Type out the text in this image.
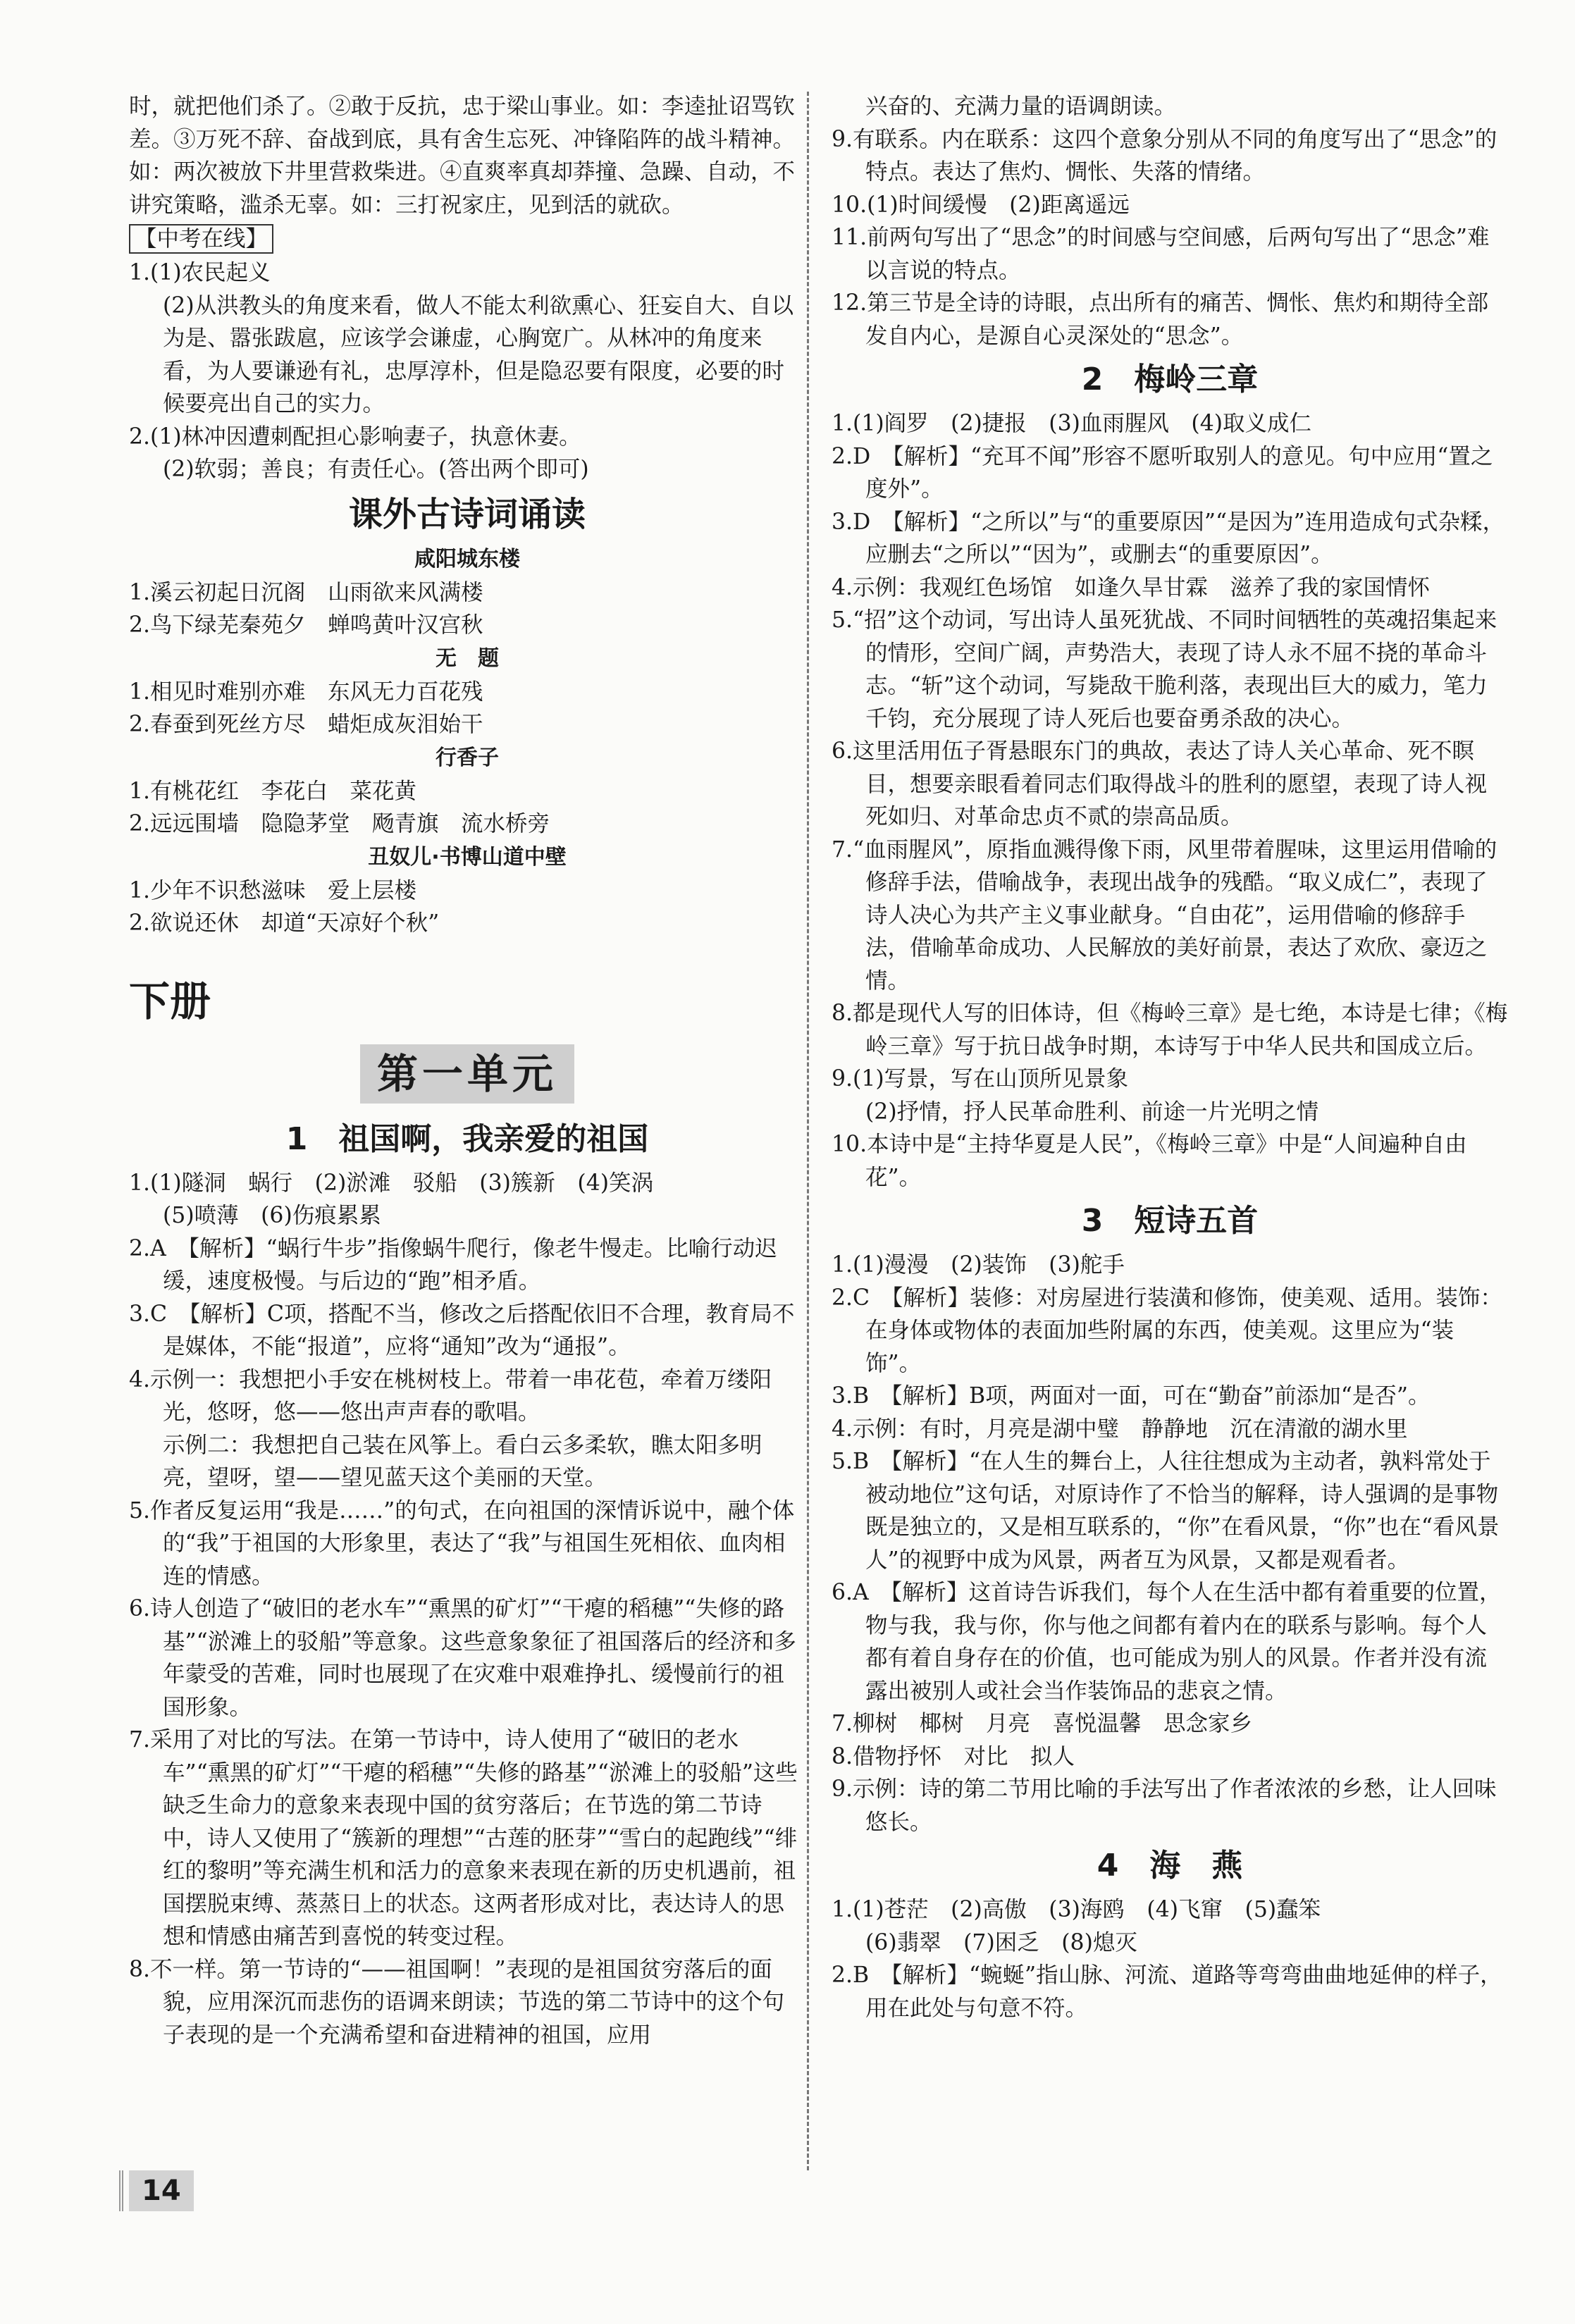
时，就把他们杀了。②敢于反抗，忠于梁山事业。如：李逵扯诏骂钦差。③万死不辞、奋战到底，具有舍生忘死、冲锋陷阵的战斗精神。如：两次被放下井里营救柴进。④直爽率真却莽撞、急躁、自动，不讲究策略，滥杀无辜。如：三打祝家庄，见到活的就砍。

【中考在线】

1.(1)农民起义

(2)从洪教头的角度来看，做人不能太利欲熏心、狂妄自大、自以为是、嚣张跋扈，应该学会谦虚，心胸宽广。从林冲的角度来看，为人要谦逊有礼，忠厚淳朴，但是隐忍要有限度，必要的时候要亮出自己的实力。

2.(1)林冲因遭刺配担心影响妻子，执意休妻。

(2)软弱；善良；有责任心。(答出两个即可)

课外古诗词诵读
咸阳城东楼

1.溪云初起日沉阁　山雨欲来风满楼

2.鸟下绿芜秦苑夕　蝉鸣黄叶汉宫秋

无　题

1.相见时难别亦难　东风无力百花残

2.春蚕到死丝方尽　蜡炬成灰泪始干

行香子

1.有桃花红　李花白　菜花黄

2.远远围墙　隐隐茅堂　飏青旗　流水桥旁

丑奴儿·书博山道中壁

1.少年不识愁滋味　爱上层楼

2.欲说还休　却道“天凉好个秋”

下册
第一单元
1　祖国啊，我亲爱的祖国

1.(1)隧洞　蜗行　(2)淤滩　驳船　(3)簇新　(4)笑涡

(5)喷薄　(6)伤痕累累

2.A　【解析】“蜗行牛步”指像蜗牛爬行，像老牛慢走。比喻行动迟缓，速度极慢。与后边的“跑”相矛盾。

3.C　【解析】C项，搭配不当，修改之后搭配依旧不合理，教育局不是媒体，不能“报道”，应将“通知”改为“通报”。

4.示例一：我想把小手安在桃树枝上。带着一串花苞，牵着万缕阳光，悠呀，悠——悠出声声春的歌唱。

示例二：我想把自己装在风筝上。看白云多柔软，瞧太阳多明亮，望呀，望——望见蓝天这个美丽的天堂。

5.作者反复运用“我是……”的句式，在向祖国的深情诉说中，融个体的“我”于祖国的大形象里，表达了“我”与祖国生死相依、血肉相连的情感。

6.诗人创造了“破旧的老水车”“熏黑的矿灯”“干瘪的稻穗”“失修的路基”“淤滩上的驳船”等意象。这些意象象征了祖国落后的经济和多年蒙受的苦难，同时也展现了在灾难中艰难挣扎、缓慢前行的祖国形象。

7.采用了对比的写法。在第一节诗中，诗人使用了“破旧的老水车”“熏黑的矿灯”“干瘪的稻穗”“失修的路基”“淤滩上的驳船”这些缺乏生命力的意象来表现中国的贫穷落后；在节选的第二节诗中，诗人又使用了“簇新的理想”“古莲的胚芽”“雪白的起跑线”“绯红的黎明”等充满生机和活力的意象来表现在新的历史机遇前，祖国摆脱束缚、蒸蒸日上的状态。这两者形成对比，表达诗人的思想和情感由痛苦到喜悦的转变过程。

8.不一样。第一节诗的“——祖国啊！”表现的是祖国贫穷落后的面貌，应用深沉而悲伤的语调来朗读；节选的第二节诗中的这个句子表现的是一个充满希望和奋进精神的祖国，应用

兴奋的、充满力量的语调朗读。

9.有联系。内在联系：这四个意象分别从不同的角度写出了“思念”的特点。表达了焦灼、惆怅、失落的情绪。

10.(1)时间缓慢　(2)距离遥远

11.前两句写出了“思念”的时间感与空间感，后两句写出了“思念”难以言说的特点。

12.第三节是全诗的诗眼，点出所有的痛苦、惆怅、焦灼和期待全部发自内心，是源自心灵深处的“思念”。

2　梅岭三章

1.(1)阎罗　(2)捷报　(3)血雨腥风　(4)取义成仁

2.D　【解析】“充耳不闻”形容不愿听取别人的意见。句中应用“置之度外”。

3.D　【解析】“之所以”与“的重要原因”“是因为”连用造成句式杂糅，应删去“之所以”“因为”，或删去“的重要原因”。

4.示例：我观红色场馆　如逢久旱甘霖　滋养了我的家国情怀

5.“招”这个动词，写出诗人虽死犹战、不同时间牺牲的英魂招集起来的情形，空间广阔，声势浩大，表现了诗人永不屈不挠的革命斗志。“斩”这个动词，写毙敌干脆利落，表现出巨大的威力，笔力千钧，充分展现了诗人死后也要奋勇杀敌的决心。

6.这里活用伍子胥悬眼东门的典故，表达了诗人关心革命、死不瞑目，想要亲眼看着同志们取得战斗的胜利的愿望，表现了诗人视死如归、对革命忠贞不贰的崇高品质。

7.“血雨腥风”，原指血溅得像下雨，风里带着腥味，这里运用借喻的修辞手法，借喻战争，表现出战争的残酷。“取义成仁”，表现了诗人决心为共产主义事业献身。“自由花”，运用借喻的修辞手法，借喻革命成功、人民解放的美好前景，表达了欢欣、豪迈之情。

8.都是现代人写的旧体诗，但《梅岭三章》是七绝，本诗是七律；《梅岭三章》写于抗日战争时期，本诗写于中华人民共和国成立后。

9.(1)写景，写在山顶所见景象

(2)抒情，抒人民革命胜利、前途一片光明之情

10.本诗中是“主持华夏是人民”，《梅岭三章》中是“人间遍种自由花”。

3　短诗五首

1.(1)漫漫　(2)装饰　(3)舵手

2.C　【解析】装修：对房屋进行装潢和修饰，使美观、适用。装饰：在身体或物体的表面加些附属的东西，使美观。这里应为“装饰”。

3.B　【解析】B项，两面对一面，可在“勤奋”前添加“是否”。

4.示例：有时，月亮是湖中璧　静静地　沉在清澈的湖水里

5.B　【解析】“在人生的舞台上，人往往想成为主动者，孰料常处于被动地位”这句话，对原诗作了不恰当的解释，诗人强调的是事物既是独立的，又是相互联系的，“你”在看风景，“你”也在“看风景人”的视野中成为风景，两者互为风景，又都是观看者。

6.A　【解析】这首诗告诉我们，每个人在生活中都有着重要的位置，物与我，我与你，你与他之间都有着内在的联系与影响。每个人都有着自身存在的价值，也可能成为别人的风景。作者并没有流露出被别人或社会当作装饰品的悲哀之情。

7.柳树　椰树　月亮　喜悦温馨　思念家乡

8.借物抒怀　对比　拟人

9.示例：诗的第二节用比喻的手法写出了作者浓浓的乡愁，让人回味悠长。

4　海　燕

1.(1)苍茫　(2)高傲　(3)海鸥　(4)飞窜　(5)蠢笨

(6)翡翠　(7)困乏　(8)熄灭

2.B　【解析】“蜿蜒”指山脉、河流、道路等弯弯曲曲地延伸的样子，用在此处与句意不符。

14
